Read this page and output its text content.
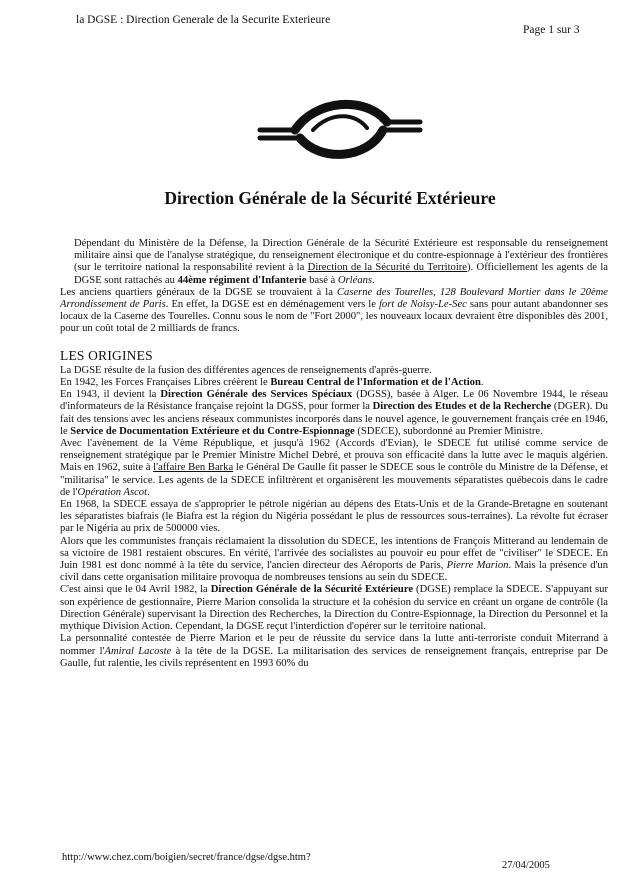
la DGSE : Direction Generale de la Securite Exterieure
Page 1 sur 3
Direction Générale de la Sécurité Extérieure

Dépendant du Ministère de la Défense, la Direction Générale de la Sécurité Extérieure est responsable du renseignement militaire ainsi que de l'analyse stratégique, du renseignement électronique et du contre-espionnage à l'extérieur des frontières (sur le territoire national la responsabilité revient à la Direction de la Sécurité du Territoire). Officiellement les agents de la DGSE sont rattachés au 44ème régiment d'Infanterie basé à Orléans.

Les anciens quartiers généraux de la DGSE se trouvaient à la Caserne des Tourelles, 128 Boulevard Mortier dans le 20ème Arrondissement de Paris. En effet, la DGSE est en déménagement vers le fort de Noisy-Le-Sec sans pour autant abandonner ses locaux de la Caserne des Tourelles. Connu sous le nom de "Fort 2000", les nouveaux locaux devraient être disponibles dès 2001, pour un coût total de 2 milliards de francs.

LES ORIGINES

La DGSE résulte de la fusion des différentes agences de renseignements d'après-guerre.

En 1942, les Forces Françaises Libres créèrent le Bureau Central de l'Information et de l'Action.

En 1943, il devient la Direction Générale des Services Spéciaux (DGSS), basée à Alger. Le 06 Novembre 1944, le réseau d'informateurs de la Résistance française rejoint la DGSS, pour former la Direction des Etudes et de la Recherche (DGER). Du fait des tensions avec les anciens réseaux communistes incorporés dans le nouvel agence, le gouvernement français crée en 1946, le Service de Documentation Extérieure et du Contre-Espionnage (SDECE), subordonné au Premier Ministre.

Avec l'avènement de la Vème République, et jusqu'à 1962 (Accords d'Evian), le SDECE fut utilisé comme service de renseignement stratégique par le Premier Ministre Michel Debré, et prouva son efficacité dans la lutte avec le maquis algérien. Mais en 1962, suite à l'affaire Ben Barka le Général De Gaulle fit passer le SDECE sous le contrôle du Ministre de la Défense, et "militarisa" le service. Les agents de la SDECE infiltrèrent et organisèrent les mouvements séparatistes québecois dans le cadre de l'Opération Ascot.

En 1968, la SDECE essaya de s'approprier le pétrole nigérian au dépens des Etats-Unis et de la Grande-Bretagne en soutenant les séparatistes biafrais (le Biafra est la région du Nigéria possédant le plus de ressources sous-terraines). La révolte fut écraser par le Nigéria au prix de 500000 vies.

Alors que les communistes français réclamaient la dissolution du SDECE, les intentions de François Mitterand au lendemain de sa victoire de 1981 restaient obscures. En vérité, l'arrivée des socialistes au pouvoir eu pour effet de "civiliser" le SDECE. En Juin 1981 est donc nommé à la tête du service, l'ancien directeur des Aéroports de Paris, Pierre Marion. Mais la présence d'un civil dans cette organisation militaire provoqua de nombreuses tensions au sein du SDECE.

C'est ainsi que le 04 Avril 1982, la Direction Générale de la Sécurité Extérieure (DGSE) remplace la SDECE. S'appuyant sur son expérience de gestionnaire, Pierre Marion consolida la structure et la cohésion du service en créant un organe de contrôle (la Direction Générale) supervisant la Direction des Recherches, la Direction du Contre-Espionnage, la Direction du Personnel et la mythique Division Action. Cependant, la DGSE reçut l'interdiction d'opérer sur le territoire national.

La personnalité contestée de Pierre Marion et le peu de réussite du service dans la lutte anti-terroriste conduit Miterrand à nommer l'Amiral Lacoste à la tête de la DGSE. La militarisation des services de renseignement français, entreprise par De Gaulle, fut ralentie, les civils représentent en 1993 60% du

http://www.chez.com/boigien/secret/france/dgse/dgse.htm?
27/04/2005
